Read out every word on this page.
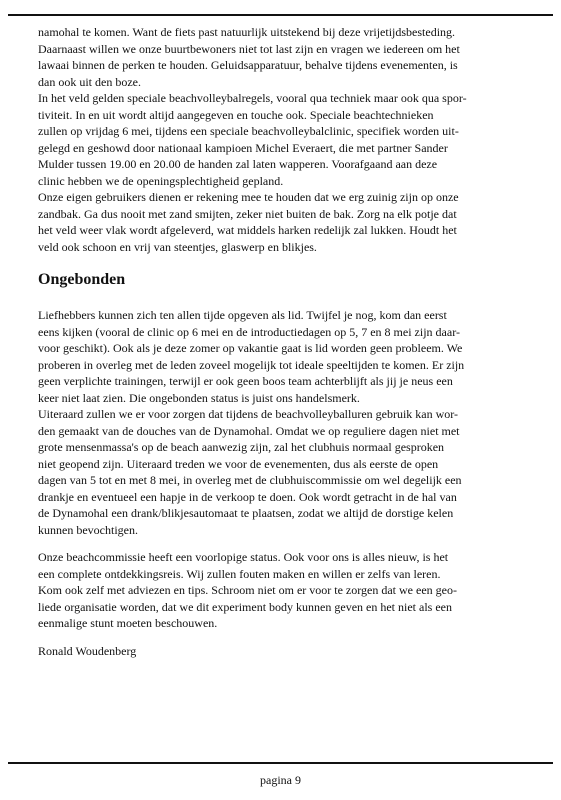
namohal te komen. Want de fiets past natuurlijk uitstekend bij deze vrijetijdsbesteding.
Daarnaast willen we onze buurtbewoners niet tot last zijn en vragen we iedereen om het
lawaai binnen de perken te houden. Geluidsapparatuur, behalve tijdens evenementen, is
dan ook uit den boze.
In het veld gelden speciale beachvolleybalregels, vooral qua techniek maar ook qua spor-
tiviteit. In en uit wordt altijd aangegeven en touche ook. Speciale beachtechnieken
zullen op vrijdag 6 mei, tijdens een speciale beachvolleybalclinic, specifiek worden uit-
gelegd en geshowd door nationaal kampioen Michel Everaert, die met partner Sander
Mulder tussen 19.00 en 20.00 de handen zal laten wapperen. Voorafgaand aan deze
clinic hebben we de openingsplechtigheid gepland.
Onze eigen gebruikers dienen er rekening mee te houden dat we erg zuinig zijn op onze
zandbak. Ga dus nooit met zand smijten, zeker niet buiten de bak. Zorg na elk potje dat
het veld weer vlak wordt afgeleverd, wat middels harken redelijk zal lukken. Houdt het
veld ook schoon en vrij van steentjes, glaswerp en blikjes.
Ongebonden
Liefhebbers kunnen zich ten allen tijde opgeven als lid. Twijfel je nog, kom dan eerst
eens kijken (vooral de clinic op 6 mei en de introductiedagen op 5, 7 en 8 mei zijn daar-
voor geschikt). Ook als je deze zomer op vakantie gaat is lid worden geen probleem. We
proberen in overleg met de leden zoveel mogelijk tot ideale speeltijden te komen. Er zijn
geen verplichte trainingen, terwijl er ook geen boos team achterblijft als jij je neus een
keer niet laat zien. Die ongebonden status is juist ons handelsmerk.
Uiteraard zullen we er voor zorgen dat tijdens de beachvolleyballuren gebruik kan wor-
den gemaakt van de douches van de Dynamohal. Omdat we op reguliere dagen niet met
grote mensenmassa's op de beach aanwezig zijn, zal het clubhuis normaal gesproken
niet geopend zijn. Uiteraard treden we voor de evenementen, dus als eerste de open
dagen van 5 tot en met 8 mei, in overleg met de clubhuiscommissie om wel degelijk een
drankje en eventueel een hapje in de verkoop te doen. Ook wordt getracht in de hal van
de Dynamohal een drank/blikjesautomaat te plaatsen, zodat we altijd de dorstige kelen
kunnen bevochtigen.
Onze beachcommissie heeft een voorlopige status. Ook voor ons is alles nieuw, is het
een complete ontdekkingsreis. Wij zullen fouten maken en willen er zelfs van leren.
Kom ook zelf met adviezen en tips. Schroom niet om er voor te zorgen dat we een geo-
liede organisatie worden, dat we dit experiment body kunnen geven en het niet als een
eenmalige stunt moeten beschouwen.

Ronald Woudenberg

pagina 9
